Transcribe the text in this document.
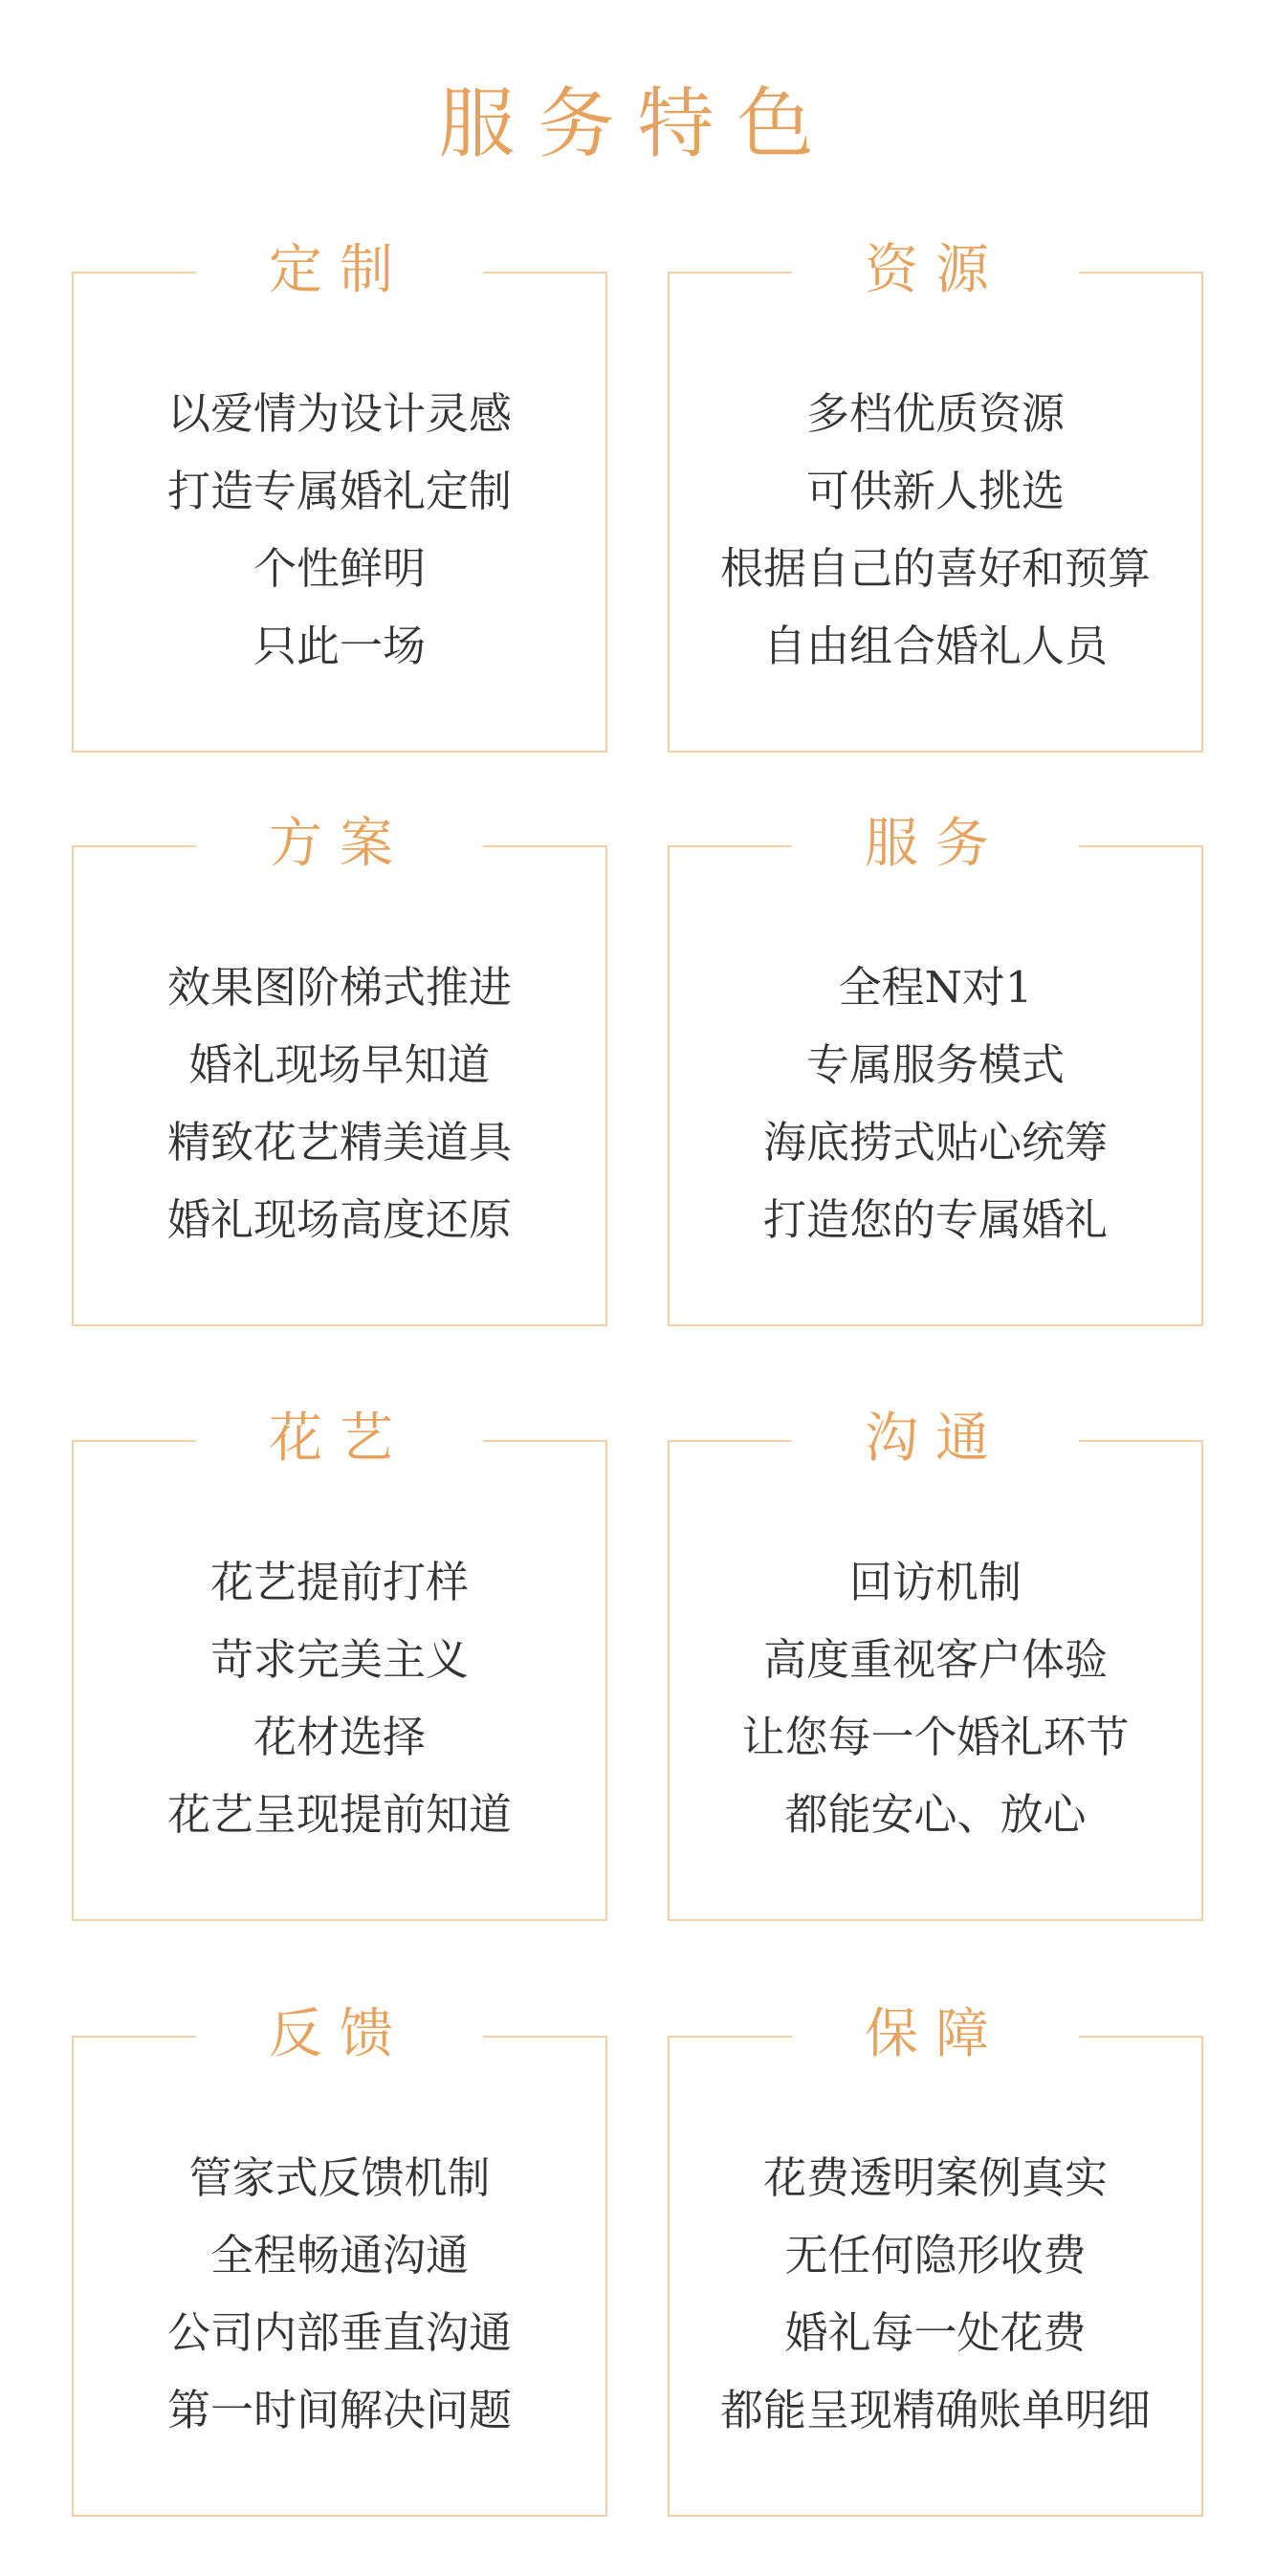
服务特色
定制
以爱情为设计灵感
打造专属婚礼定制
个性鲜明
只此一场
资源
多档优质资源
可供新人挑选
根据自己的喜好和预算
自由组合婚礼人员
方案
效果图阶梯式推进
婚礼现场早知道
精致花艺精美道具
婚礼现场高度还原
服务
全程N对1
专属服务模式
海底捞式贴心统筹
打造您的专属婚礼
花艺
花艺提前打样
苛求完美主义
花材选择
花艺呈现提前知道
沟通
回访机制
高度重视客户体验
让您每一个婚礼环节
都能安心、放心
反馈
管家式反馈机制
全程畅通沟通
公司内部垂直沟通
第一时间解决问题
保障
花费透明案例真实
无任何隐形收费
婚礼每一处花费
都能呈现精确账单明细
